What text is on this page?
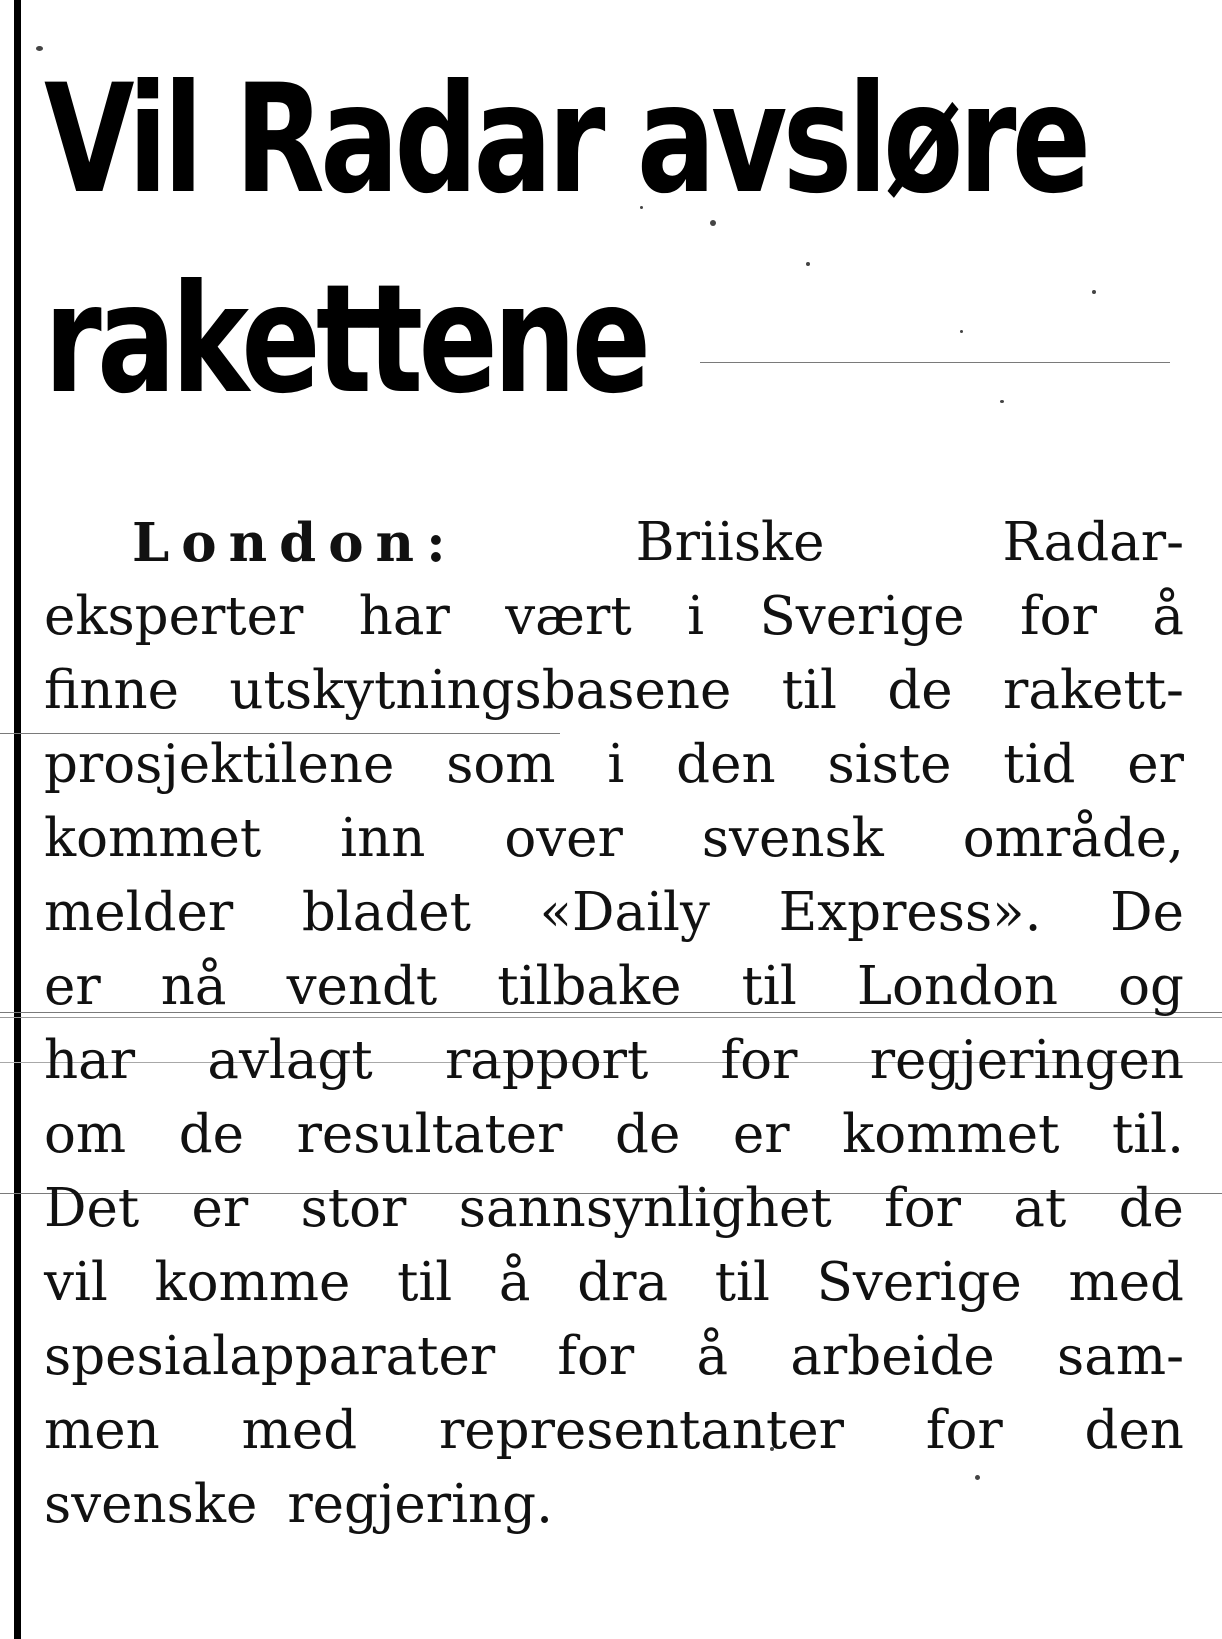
Vil Radar avsløre
rakettene
London:	Briiske	Radar-
eksperter har vært i Sverige for å
finne utskytningsbasene til de rakett-
prosjektilene som i den siste tid er
kommet inn over svensk område,
melder bladet «Daily Express». De
er nå vendt tilbake til London og
har avlagt rapport for regjeringen
om de resultater de er kommet til.
Det er stor sannsynlighet for at de
vil komme til å dra til Sverige med
spesialapparater for å arbeide sam-
men med representanter for den
svenske regjering.
